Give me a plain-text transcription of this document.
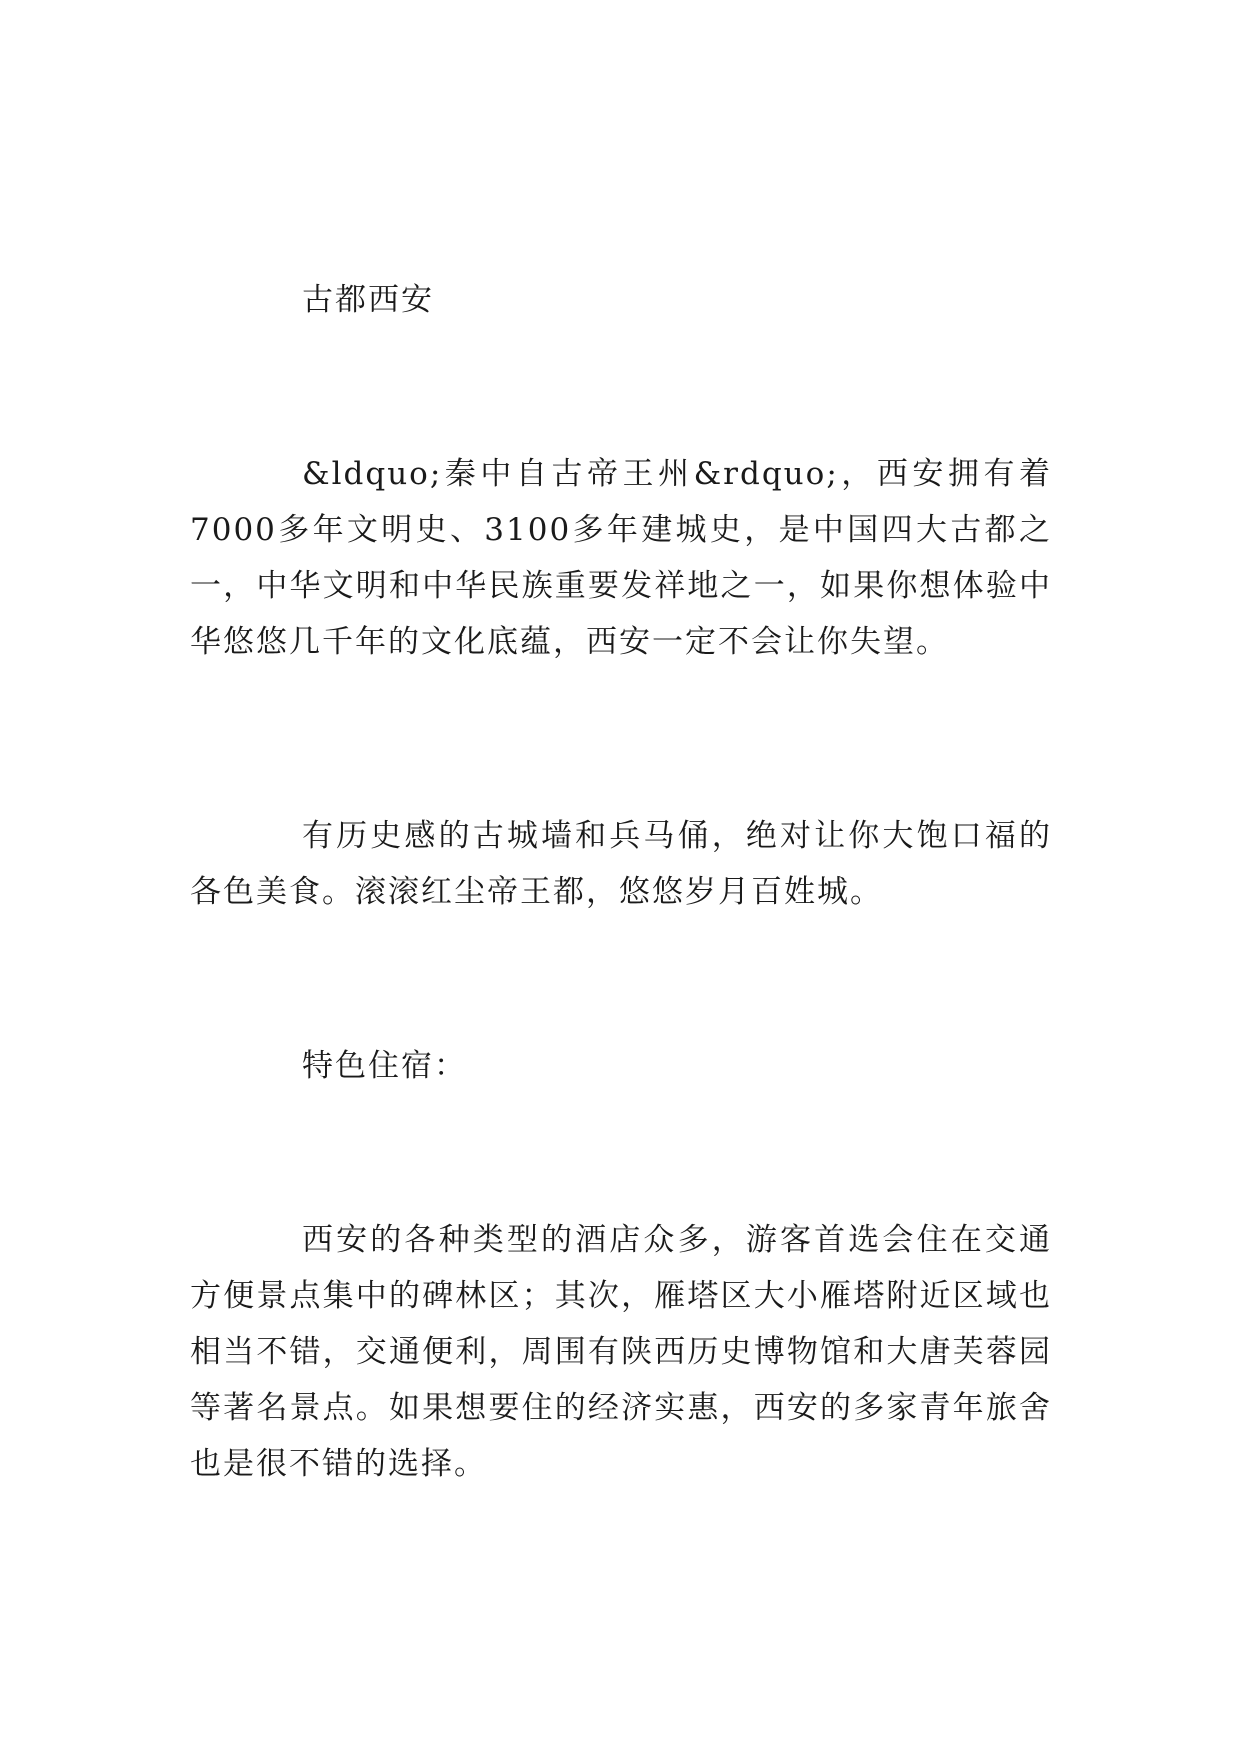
古都西安

&ldquo;秦中自古帝王州&rdquo;，西安拥有着7000多年文明史、3100多年建城史，是中国四大古都之一，中华文明和中华民族重要发祥地之一，如果你想体验中华悠悠几千年的文化底蕴，西安一定不会让你失望。

有历史感的古城墙和兵马俑，绝对让你大饱口福的各色美食。滚滚红尘帝王都，悠悠岁月百姓城。

特色住宿：

西安的各种类型的酒店众多，游客首选会住在交通方便景点集中的碑林区；其次，雁塔区大小雁塔附近区域也相当不错，交通便利，周围有陕西历史博物馆和大唐芙蓉园等著名景点。如果想要住的经济实惠，西安的多家青年旅舍也是很不错的选择。
